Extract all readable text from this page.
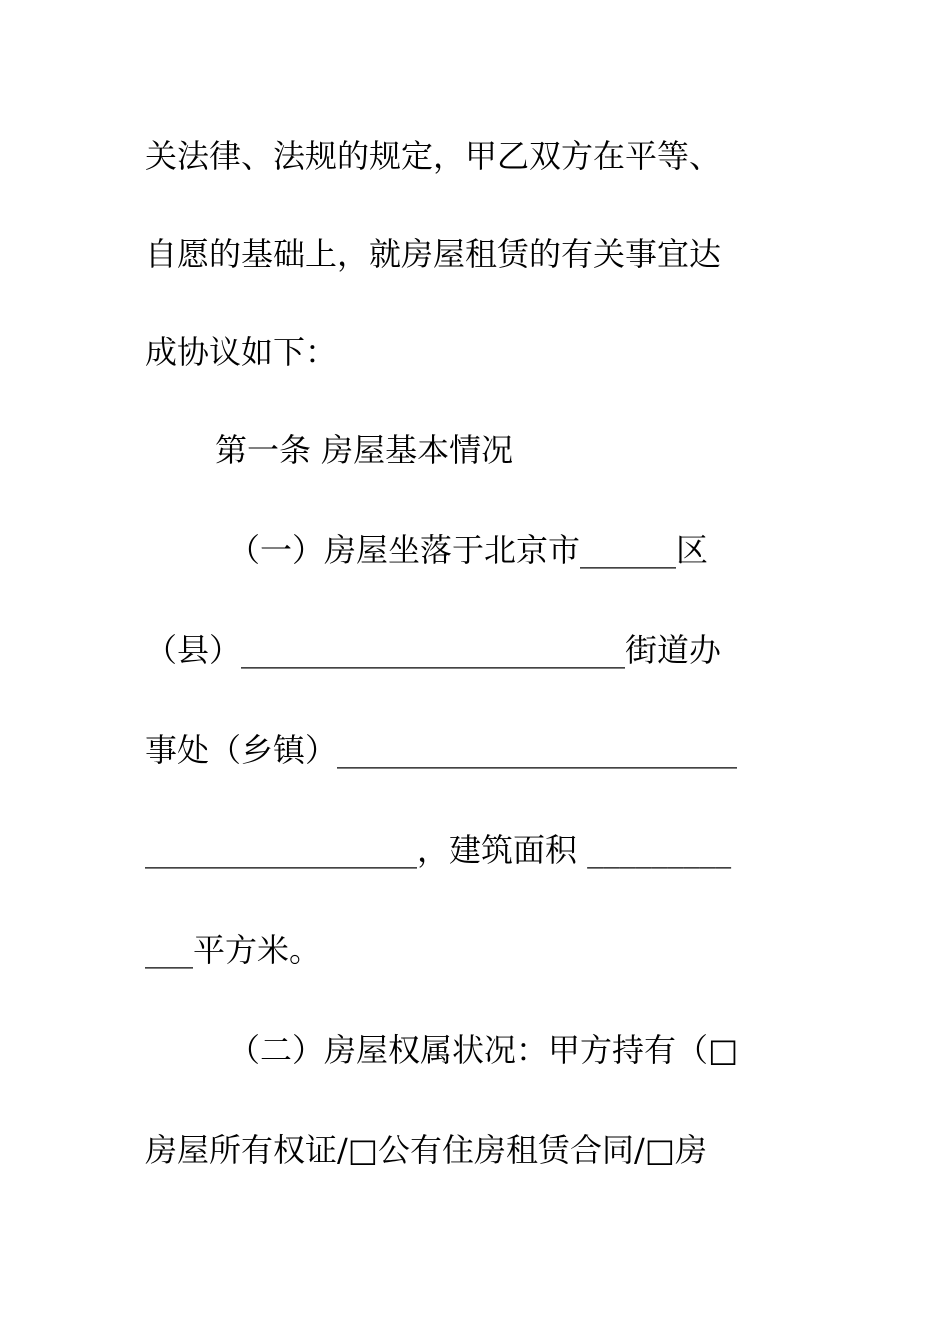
关法律、法规的规定，甲乙双方在平等、
自愿的基础上，就房屋租赁的有关事宜达
成协议如下：
第一条 房屋基本情况
（一）房屋坐落于北京市______区
（县）________________________街道办
事处（乡镇）_________________________
_________________，建筑面积 _________
___平方米。
（二）房屋权属状况：甲方持有（□
房屋所有权证/□公有住房租赁合同/□房
